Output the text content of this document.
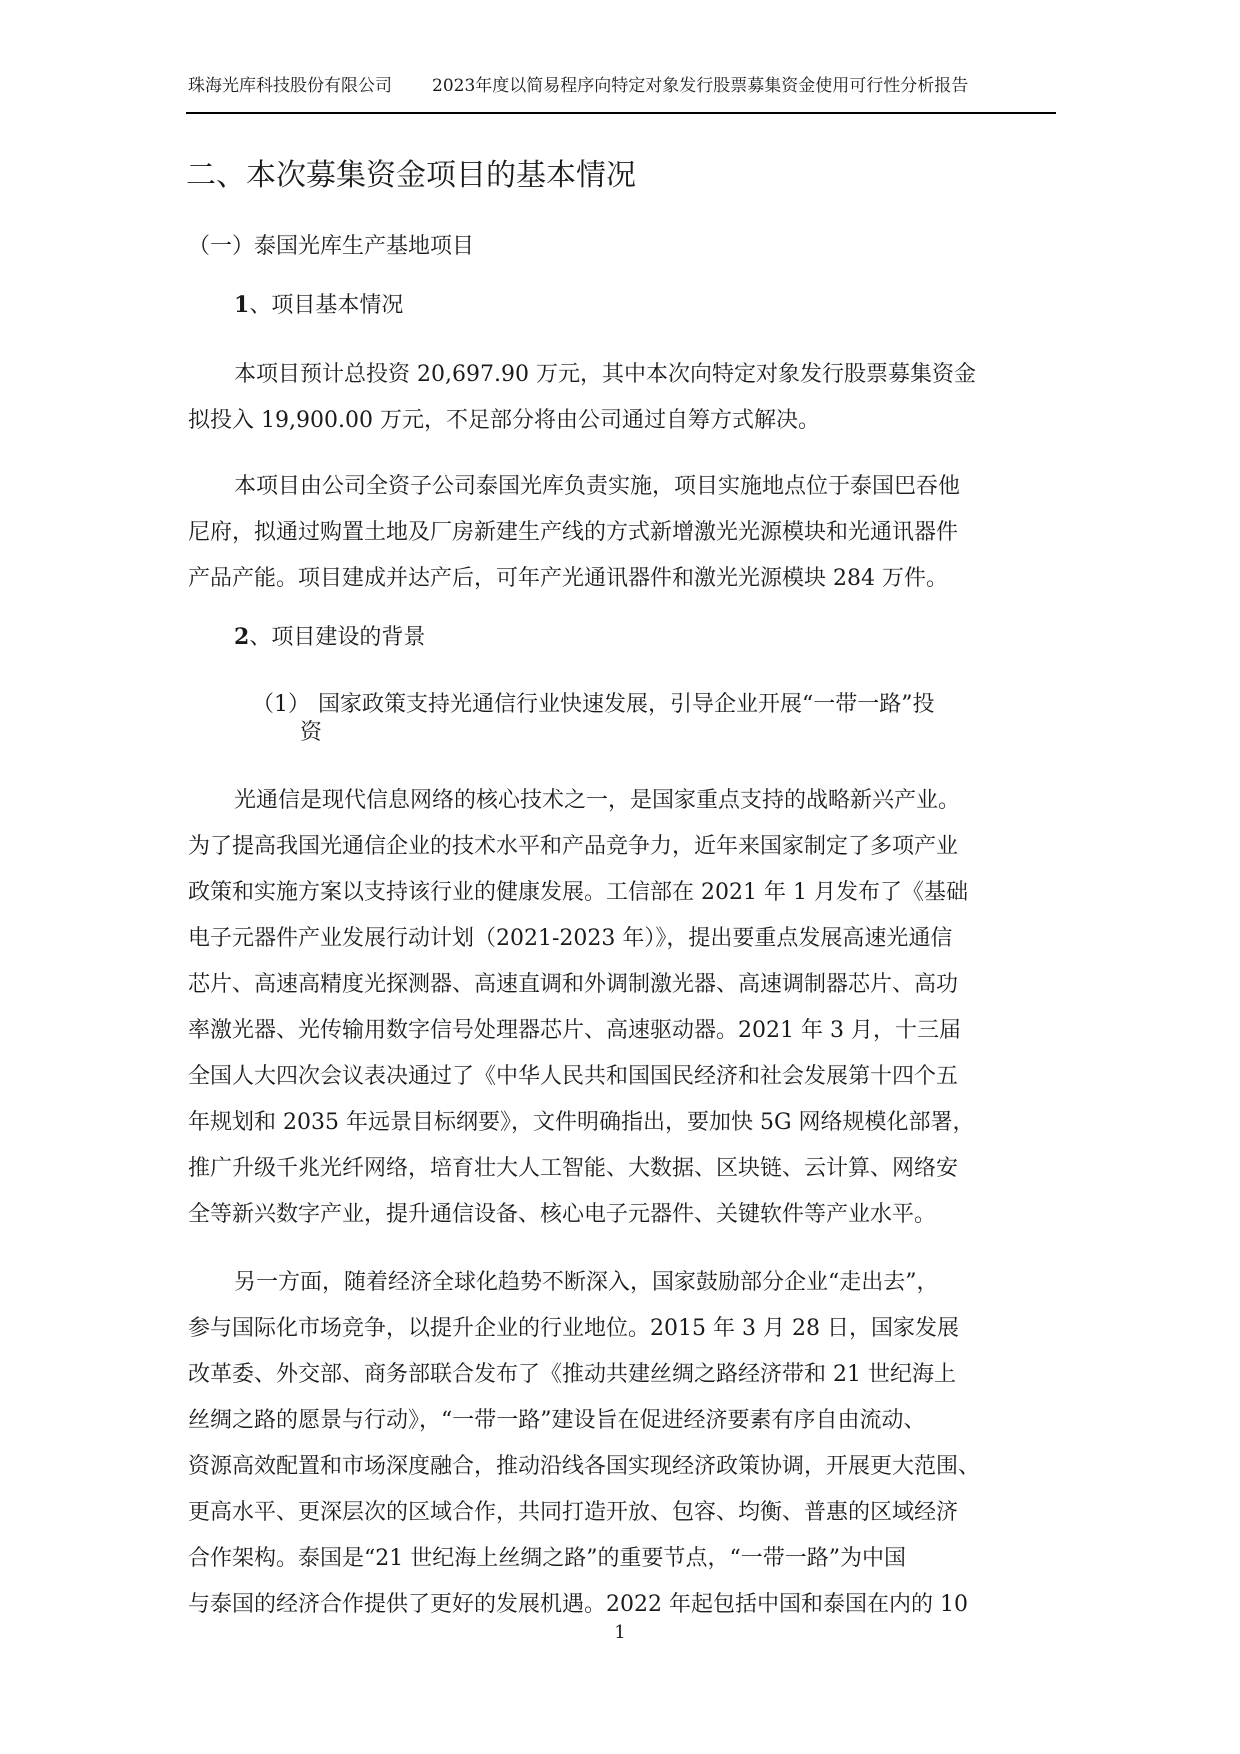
珠海光库科技股份有限公司 2023年度以简易程序向特定对象发行股票募集资金使用可行性分析报告
二、本次募集资金项目的基本情况
（一）泰国光库生产基地项目
1、项目基本情况
本项目预计总投资 20,697.90 万元，其中本次向特定对象发行股票募集资金
拟投入 19,900.00 万元，不足部分将由公司通过自筹方式解决。
本项目由公司全资子公司泰国光库负责实施，项目实施地点位于泰国巴吞他
尼府，拟通过购置土地及厂房新建生产线的方式新增激光光源模块和光通讯器件
产品产能。项目建成并达产后，可年产光通讯器件和激光光源模块 284 万件。
2、项目建设的背景
（1） 国家政策支持光通信行业快速发展，引导企业开展“一带一路”投
资
光通信是现代信息网络的核心技术之一，是国家重点支持的战略新兴产业。
为了提高我国光通信企业的技术水平和产品竞争力，近年来国家制定了多项产业
政策和实施方案以支持该行业的健康发展。工信部在 2021 年 1 月发布了《基础
电子元器件产业发展行动计划（2021-2023 年）》，提出要重点发展高速光通信
芯片、高速高精度光探测器、高速直调和外调制激光器、高速调制器芯片、高功
率激光器、光传输用数字信号处理器芯片、高速驱动器。2021 年 3 月，十三届
全国人大四次会议表决通过了《中华人民共和国国民经济和社会发展第十四个五
年规划和 2035 年远景目标纲要》，文件明确指出，要加快 5G 网络规模化部署，
推广升级千兆光纤网络，培育壮大人工智能、大数据、区块链、云计算、网络安
全等新兴数字产业，提升通信设备、核心电子元器件、关键软件等产业水平。
另一方面，随着经济全球化趋势不断深入，国家鼓励部分企业“走出去”，
参与国际化市场竞争，以提升企业的行业地位。2015 年 3 月 28 日，国家发展
改革委、外交部、商务部联合发布了《推动共建丝绸之路经济带和 21 世纪海上
丝绸之路的愿景与行动》，“一带一路”建设旨在促进经济要素有序自由流动、
资源高效配置和市场深度融合，推动沿线各国实现经济政策协调，开展更大范围、
更高水平、更深层次的区域合作，共同打造开放、包容、均衡、普惠的区域经济
合作架构。泰国是“21 世纪海上丝绸之路”的重要节点，“一带一路”为中国
与泰国的经济合作提供了更好的发展机遇。2022 年起包括中国和泰国在内的 10
1
